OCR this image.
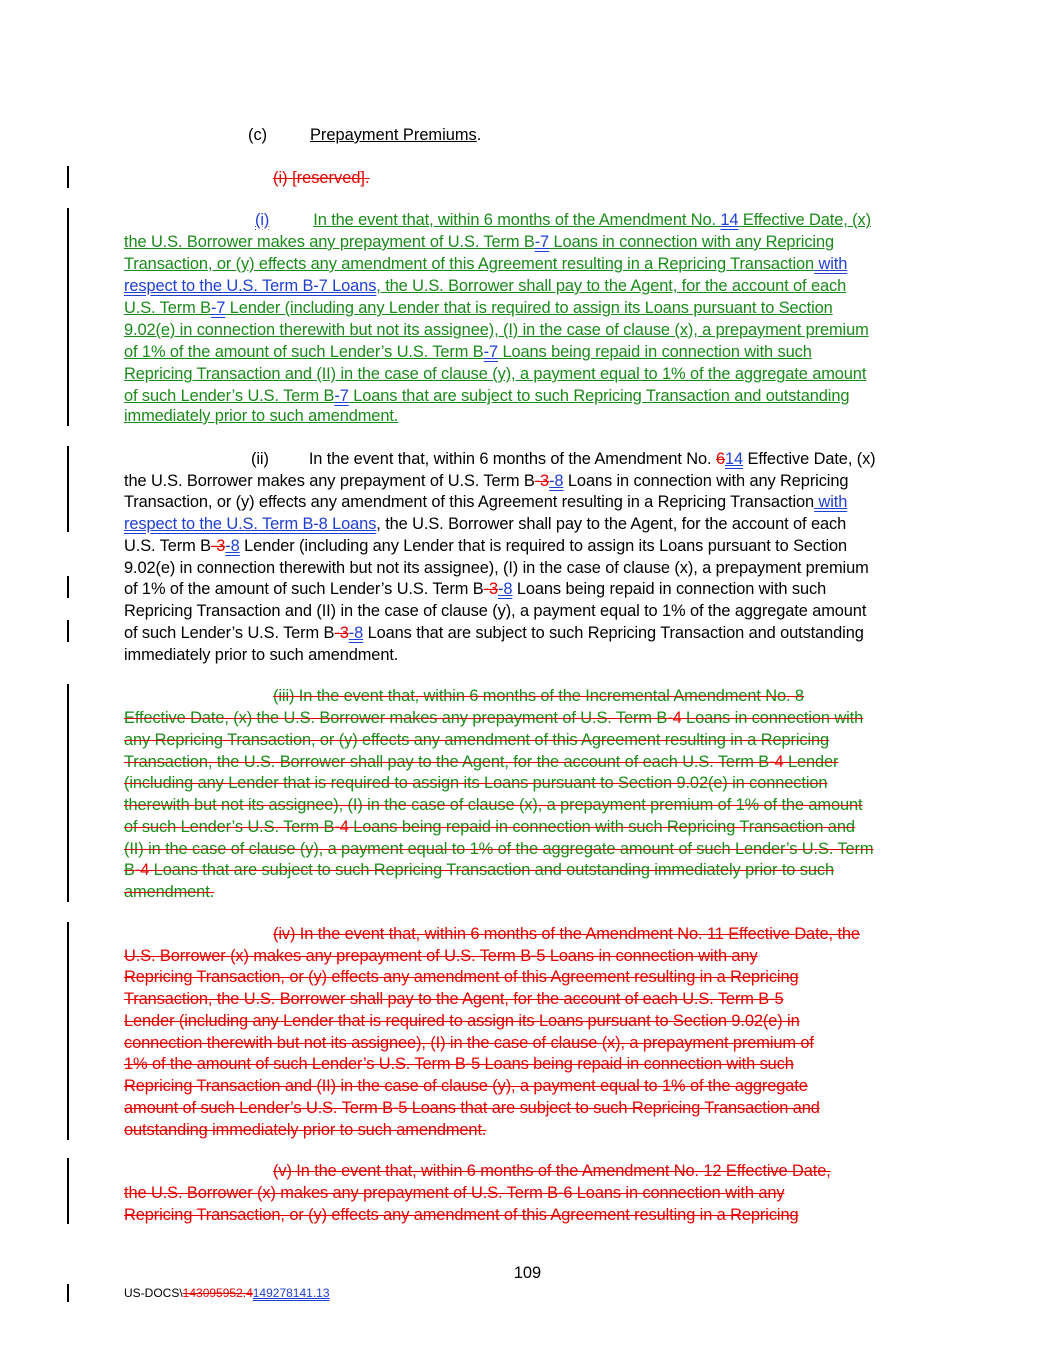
(c)	Prepayment Premiums.
(i) [reserved].
(i)	In the event that, within 6 months of the Amendment No. 14 Effective Date, (x)
the U.S. Borrower makes any prepayment of U.S. Term B-7 Loans in connection with any Repricing
Transaction, or (y) effects any amendment of this Agreement resulting in a Repricing Transaction with
respect to the U.S. Term B-7 Loans, the U.S. Borrower shall pay to the Agent, for the account of each
U.S. Term B-7 Lender (including any Lender that is required to assign its Loans pursuant to Section
9.02(e) in connection therewith but not its assignee), (I) in the case of clause (x), a prepayment premium
of 1% of the amount of such Lender’s U.S. Term B-7 Loans being repaid in connection with such
Repricing Transaction and (II) in the case of clause (y), a payment equal to 1% of the aggregate amount
of such Lender’s U.S. Term B-7 Loans that are subject to such Repricing Transaction and outstanding
immediately prior to such amendment.
(ii) In the event that, within 6 months of the Amendment No. 614 Effective Date, (x)
the U.S. Borrower makes any prepayment of U.S. Term B-3-8 Loans in connection with any Repricing
Transaction, or (y) effects any amendment of this Agreement resulting in a Repricing Transaction with
respect to the U.S. Term B-8 Loans, the U.S. Borrower shall pay to the Agent, for the account of each
U.S. Term B-3-8 Lender (including any Lender that is required to assign its Loans pursuant to Section
9.02(e) in connection therewith but not its assignee), (I) in the case of clause (x), a prepayment premium
of 1% of the amount of such Lender’s U.S. Term B-3-8 Loans being repaid in connection with such
Repricing Transaction and (II) in the case of clause (y), a payment equal to 1% of the aggregate amount
of such Lender’s U.S. Term B-3-8 Loans that are subject to such Repricing Transaction and outstanding
immediately prior to such amendment.
(iii) In the event that, within 6 months of the Incremental Amendment No. 8
Effective Date, (x) the U.S. Borrower makes any prepayment of U.S. Term B-4 Loans in connection with
any Repricing Transaction, or (y) effects any amendment of this Agreement resulting in a Repricing
Transaction, the U.S. Borrower shall pay to the Agent, for the account of each U.S. Term B-4 Lender
(including any Lender that is required to assign its Loans pursuant to Section 9.02(e) in connection
therewith but not its assignee), (I) in the case of clause (x), a prepayment premium of 1% of the amount
of such Lender’s U.S. Term B-4 Loans being repaid in connection with such Repricing Transaction and
(II) in the case of clause (y), a payment equal to 1% of the aggregate amount of such Lender’s U.S. Term
B-4 Loans that are subject to such Repricing Transaction and outstanding immediately prior to such
amendment.
(iv) In the event that, within 6 months of the Amendment No. 11 Effective Date, the
U.S. Borrower (x) makes any prepayment of U.S. Term B-5 Loans in connection with any
Repricing Transaction, or (y) effects any amendment of this Agreement resulting in a Repricing
Transaction, the U.S. Borrower shall pay to the Agent, for the account of each U.S. Term B-5
Lender (including any Lender that is required to assign its Loans pursuant to Section 9.02(e) in
connection therewith but not its assignee), (I) in the case of clause (x), a prepayment premium of
1% of the amount of such Lender’s U.S. Term B-5 Loans being repaid in connection with such
Repricing Transaction and (II) in the case of clause (y), a payment equal to 1% of the aggregate
amount of such Lender’s U.S. Term B-5 Loans that are subject to such Repricing Transaction and
outstanding immediately prior to such amendment.
(v) In the event that, within 6 months of the Amendment No. 12 Effective Date,
the U.S. Borrower (x) makes any prepayment of U.S. Term B-6 Loans in connection with any
Repricing Transaction, or (y) effects any amendment of this Agreement resulting in a Repricing
109
US-DOCS\143095952.4149278141.13
